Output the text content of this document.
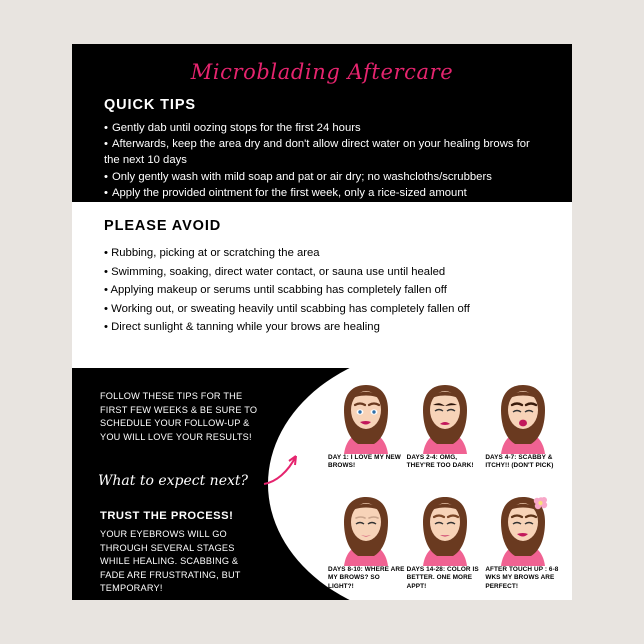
Microblading Aftercare
QUICK TIPS
• Gently dab until oozing stops for the first 24 hours
• Afterwards, keep the area dry and don't allow direct water on your healing brows for the next 10 days
• Only gently wash with mild soap and pat or air dry; no washcloths/scrubbers
• Apply the provided ointment for the first week, only a rice-sized amount
PLEASE AVOID
• Rubbing, picking at or scratching the area
• Swimming, soaking, direct water contact, or sauna use until healed
• Applying makeup or serums until scabbing has completely fallen off
• Working out, or sweating heavily until scabbing has completely fallen off
• Direct sunlight & tanning while your brows are healing
FOLLOW THESE TIPS FOR THE FIRST FEW WEEKS & BE SURE TO SCHEDULE YOUR FOLLOW-UP & YOU WILL LOVE YOUR RESULTS!
What to expect next?
TRUST THE PROCESS!
YOUR EYEBROWS WILL GO THROUGH SEVERAL STAGES WHILE HEALING. SCABBING & FADE ARE FRUSTRATING, BUT TEMPORARY!
DAY 1: I LOVE MY NEW BROWS!
DAYS 2-4: OMG, THEY'RE TOO DARK!
DAYS 4-7: SCABBY & ITCHY!! (DON'T PICK)
DAYS 8-10: WHERE ARE MY BROWS? SO LIGHT?!
DAYS 14-28: COLOR IS BETTER. ONE MORE APPT!
AFTER TOUCH UP : 6-8 WKS MY BROWS ARE PERFECT!
